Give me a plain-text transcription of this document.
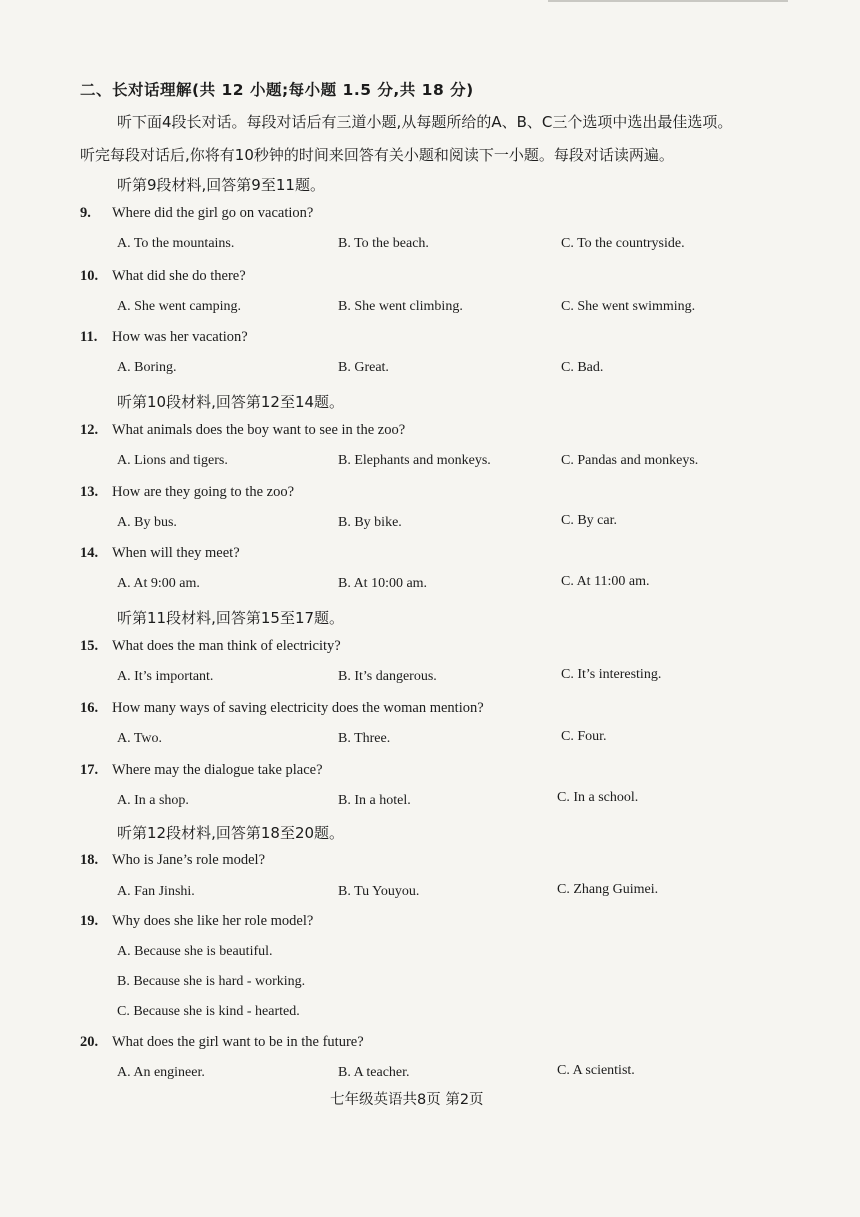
二、长对话理解(共 12 小题;每小题 1.5 分,共 18 分)
听下面4段长对话。每段对话后有三道小题,从每题所给的A、B、C三个选项中选出最佳选项。
听完每段对话后,你将有10秒钟的时间来回答有关小题和阅读下一小题。每段对话读两遍。
听第9段材料,回答第9至11题。
9. Where did the girl go on vacation?
A. To the mountains.	B. To the beach.	C. To the countryside.
10. What did she do there?
A. She went camping.	B. She went climbing.	C. She went swimming.
11. How was her vacation?
A. Boring.	B. Great.	C. Bad.
听第10段材料,回答第12至14题。
12. What animals does the boy want to see in the zoo?
A. Lions and tigers.	B. Elephants and monkeys.	C. Pandas and monkeys.
13. How are they going to the zoo?
A. By bus.	B. By bike.	C. By car.
14. When will they meet?
A. At 9:00 am.	B. At 10:00 am.	C. At 11:00 am.
听第11段材料,回答第15至17题。
15. What does the man think of electricity?
A. It’s important.	B. It’s dangerous.	C. It’s interesting.
16. How many ways of saving electricity does the woman mention?
A. Two.	B. Three.	C. Four.
17. Where may the dialogue take place?
A. In a shop.	B. In a hotel.	C. In a school.
听第12段材料,回答第18至20题。
18. Who is Jane’s role model?
A. Fan Jinshi.	B. Tu Youyou.	C. Zhang Guimei.
19. Why does she like her role model?
A. Because she is beautiful.
B. Because she is hard - working.
C. Because she is kind - hearted.
20. What does the girl want to be in the future?
A. An engineer.	B. A teacher.	C. A scientist.
七年级英语共8页 第2页
